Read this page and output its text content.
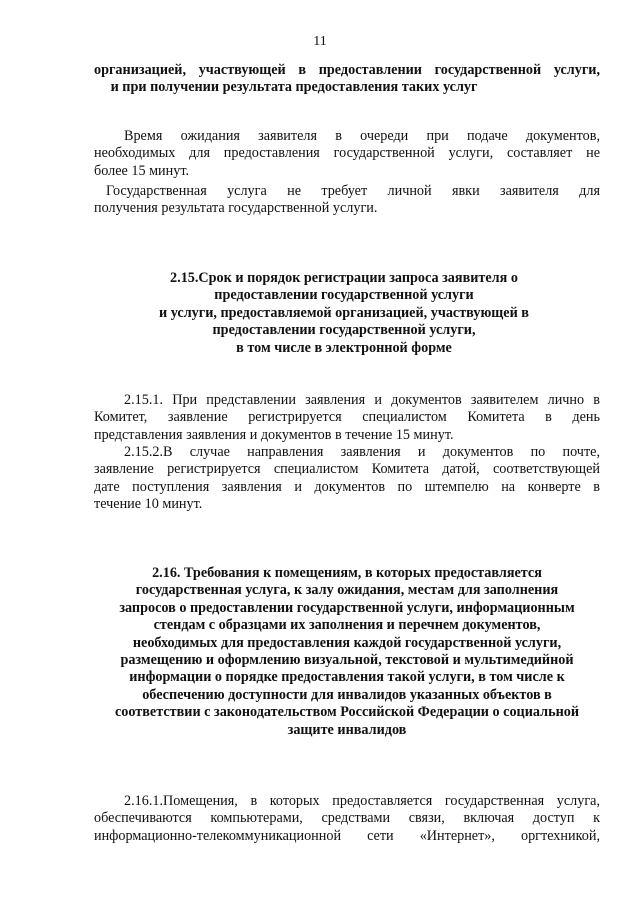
11
организацией, участвующей в предоставлении государственной услуги,
и при получении результата предоставления таких услуг
Время ожидания заявителя в очереди при подаче документов,
необходимых для предоставления государственной услуги, составляет не
более 15 минут.
Государственная услуга не требует личной явки заявителя для
получения результата государственной услуги.
2.15.Срок и порядок регистрации запроса заявителя о
предоставлении государственной услуги
и услуги, предоставляемой организацией, участвующей в
предоставлении государственной услуги,
в том числе в электронной форме
2.15.1. При представлении заявления и документов заявителем лично в
Комитет, заявление регистрируется специалистом Комитета в день
представления заявления и документов в течение 15 минут.
2.15.2.В случае направления заявления и документов по почте,
заявление регистрируется специалистом Комитета датой, соответствующей
дате поступления заявления и документов по штемпелю на конверте в
течение 10 минут.
2.16. Требования к помещениям, в которых предоставляется
государственная услуга, к залу ожидания, местам для заполнения
запросов о предоставлении государственной услуги, информационным
стендам с образцами их заполнения и перечнем документов,
необходимых для предоставления каждой государственной услуги,
размещению и оформлению визуальной, текстовой и мультимедийной
информации о порядке предоставления такой услуги, в том числе к
обеспечению доступности для инвалидов указанных объектов в
соответствии с законодательством Российской Федерации о социальной
защите инвалидов
2.16.1.Помещения, в которых предоставляется государственная услуга,
обеспечиваются компьютерами, средствами связи, включая доступ к
информационно-телекоммуникационной сети «Интернет», оргтехникой,
